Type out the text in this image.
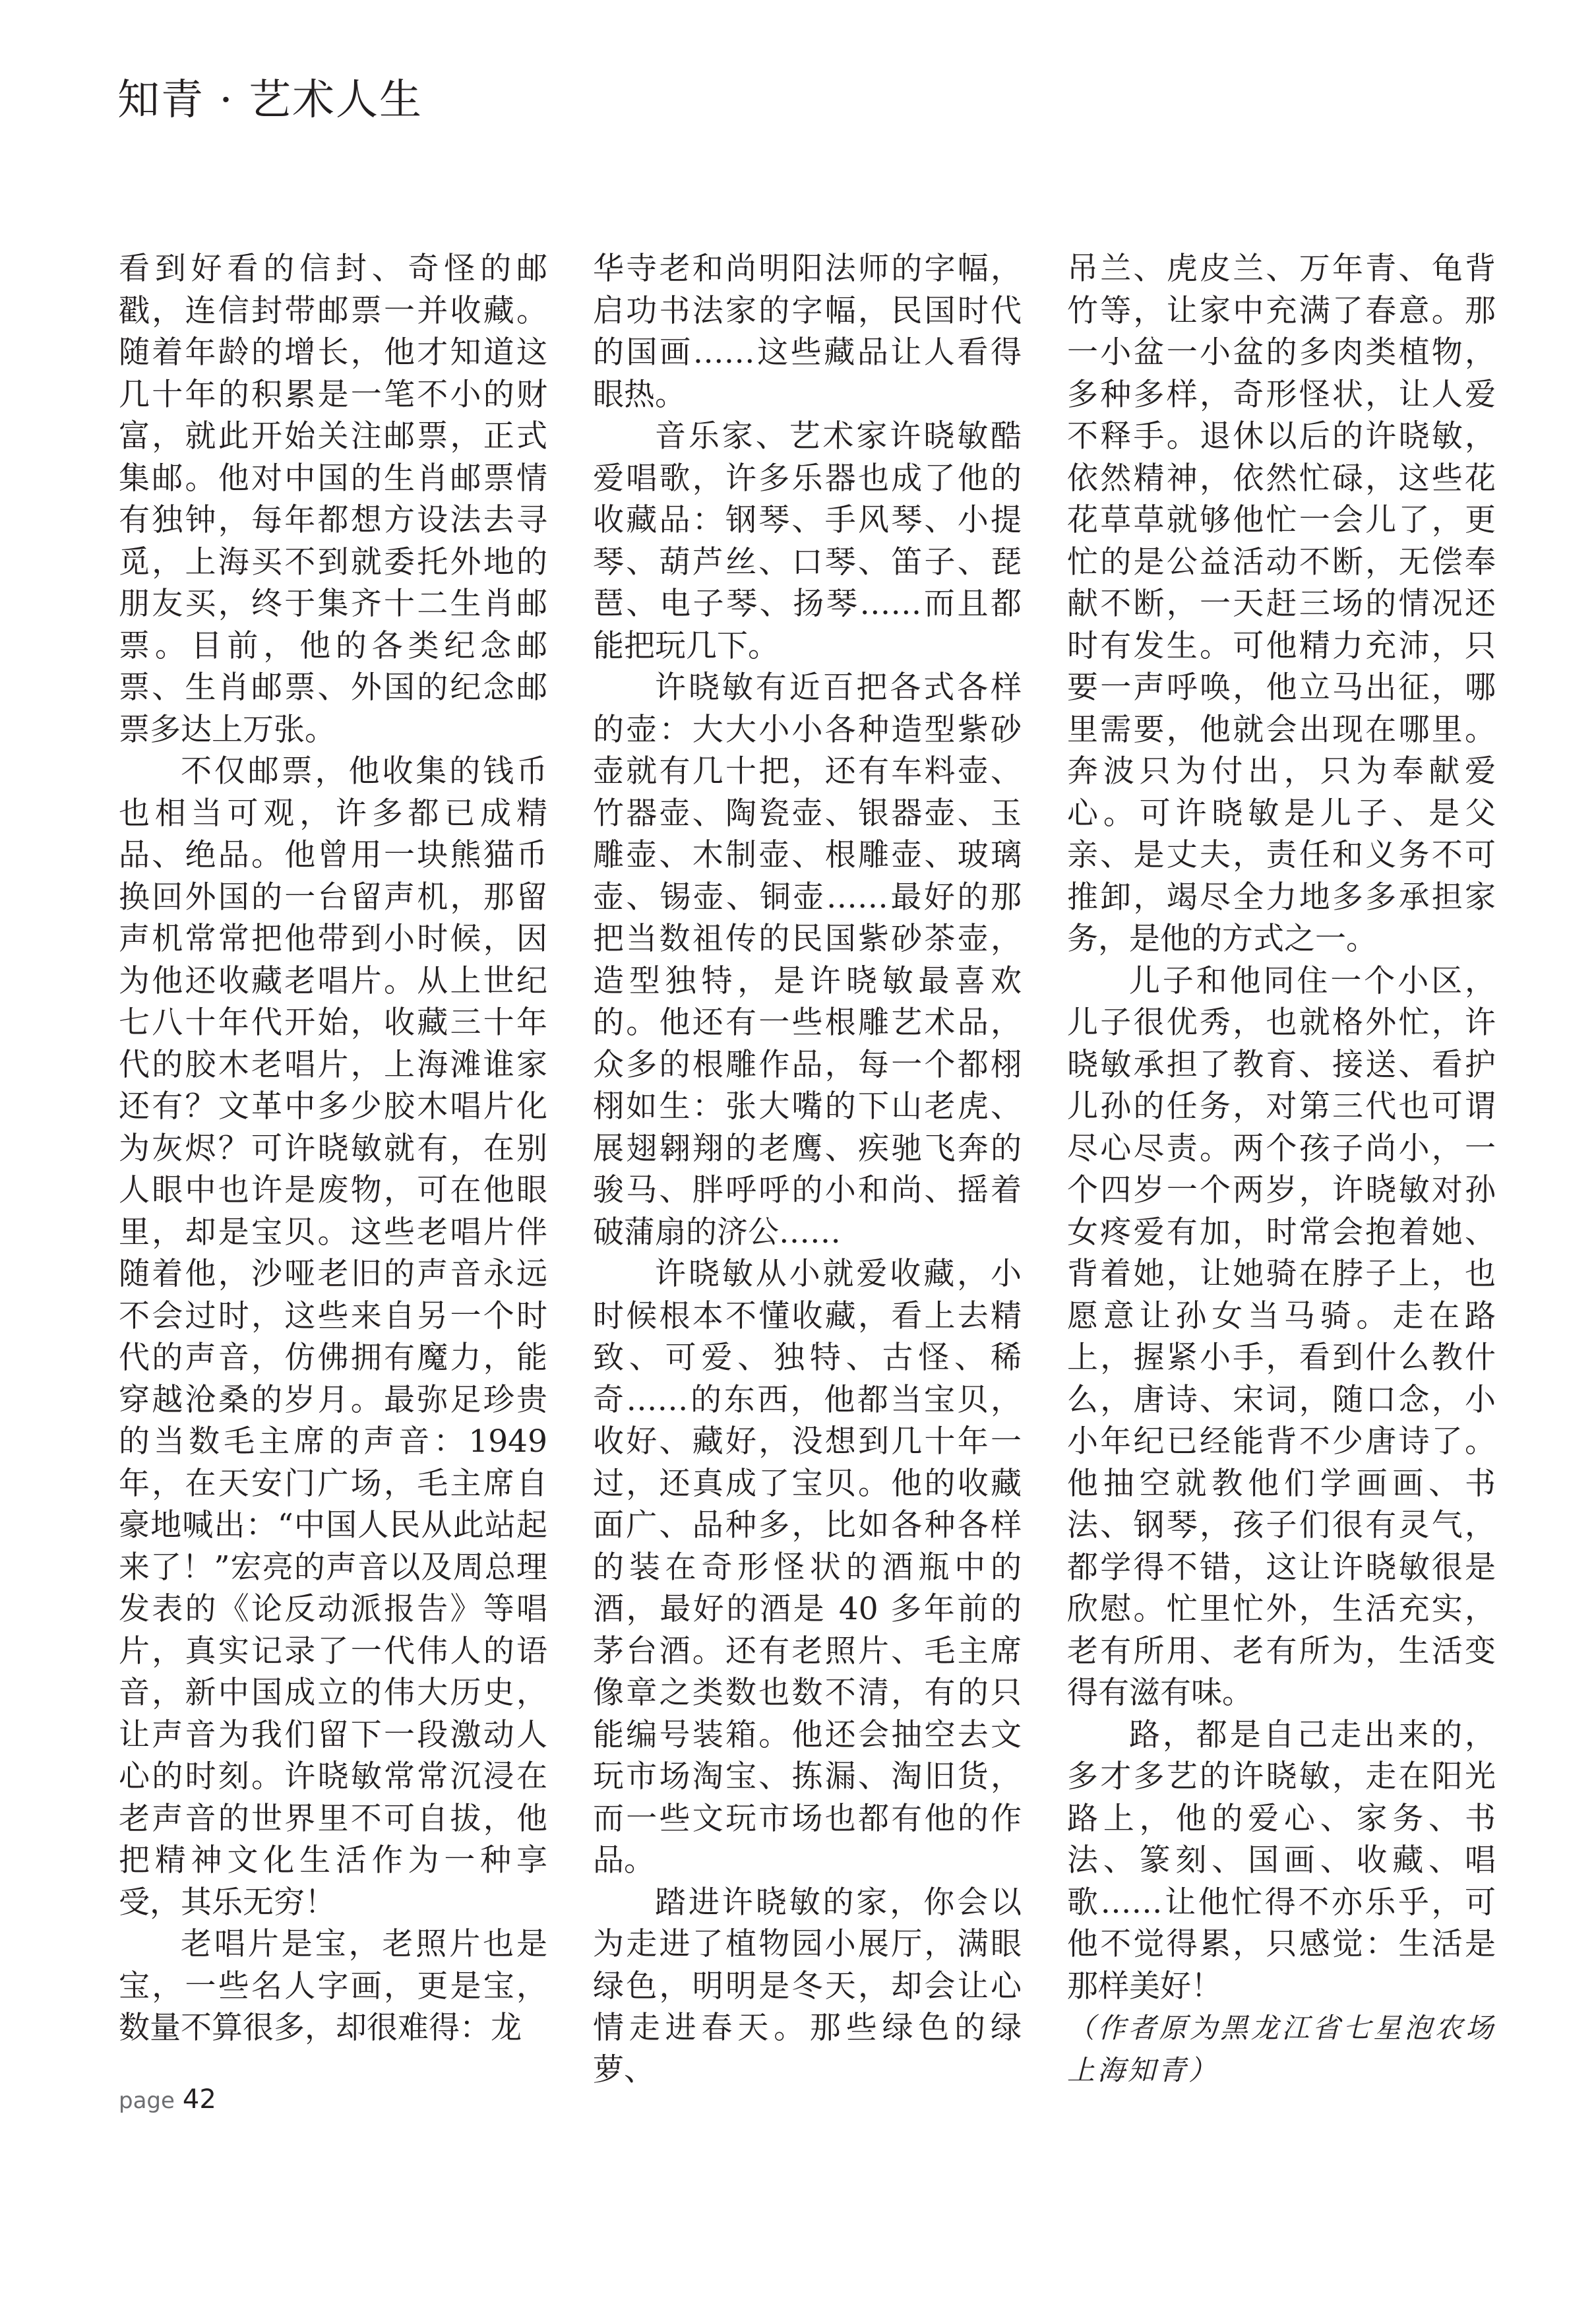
知青 · 艺术人生

看到好看的信封、奇怪的邮戳，连信封带邮票一并收藏。随着年龄的增长，他才知道这几十年的积累是一笔不小的财富，就此开始关注邮票，正式集邮。他对中国的生肖邮票情有独钟，每年都想方设法去寻觅，上海买不到就委托外地的朋友买，终于集齐十二生肖邮票。目前，他的各类纪念邮票、生肖邮票、外国的纪念邮票多达上万张。

不仅邮票，他收集的钱币也相当可观，许多都已成精品、绝品。他曾用一块熊猫币换回外国的一台留声机，那留声机常常把他带到小时候，因为他还收藏老唱片。从上世纪七八十年代开始，收藏三十年代的胶木老唱片，上海滩谁家还有？文革中多少胶木唱片化为灰烬？可许晓敏就有，在别人眼中也许是废物，可在他眼里，却是宝贝。这些老唱片伴随着他，沙哑老旧的声音永远不会过时，这些来自另一个时代的声音，仿佛拥有魔力，能穿越沧桑的岁月。最弥足珍贵的当数毛主席的声音：1949 年，在天安门广场，毛主席自豪地喊出：“中国人民从此站起来了！”宏亮的声音以及周总理发表的《论反动派报告》等唱片，真实记录了一代伟人的语音，新中国成立的伟大历史，让声音为我们留下一段激动人心的时刻。许晓敏常常沉浸在老声音的世界里不可自拔，他把精神文化生活作为一种享受，其乐无穷！

老唱片是宝，老照片也是宝，一些名人字画，更是宝，数量不算很多，却很难得：龙

华寺老和尚明阳法师的字幅，启功书法家的字幅，民国时代的国画……这些藏品让人看得眼热。

音乐家、艺术家许晓敏酷爱唱歌，许多乐器也成了他的收藏品：钢琴、手风琴、小提琴、葫芦丝、口琴、笛子、琵琶、电子琴、扬琴……而且都能把玩几下。

许晓敏有近百把各式各样的壶：大大小小各种造型紫砂壶就有几十把，还有车料壶、竹器壶、陶瓷壶、银器壶、玉雕壶、木制壶、根雕壶、玻璃壶、锡壶、铜壶……最好的那把当数祖传的民国紫砂茶壶，造型独特，是许晓敏最喜欢的。他还有一些根雕艺术品，众多的根雕作品，每一个都栩栩如生：张大嘴的下山老虎、展翅翱翔的老鹰、疾驰飞奔的骏马、胖呼呼的小和尚、摇着破蒲扇的济公……

许晓敏从小就爱收藏，小时候根本不懂收藏，看上去精致、可爱、独特、古怪、稀奇……的东西，他都当宝贝，收好、藏好，没想到几十年一过，还真成了宝贝。他的收藏面广、品种多，比如各种各样的装在奇形怪状的酒瓶中的酒，最好的酒是 40 多年前的茅台酒。还有老照片、毛主席像章之类数也数不清，有的只能编号装箱。他还会抽空去文玩市场淘宝、拣漏、淘旧货，而一些文玩市场也都有他的作品。

踏进许晓敏的家，你会以为走进了植物园小展厅，满眼绿色，明明是冬天，却会让心情走进春天。那些绿色的绿萝、

吊兰、虎皮兰、万年青、龟背竹等，让家中充满了春意。那一小盆一小盆的多肉类植物，多种多样，奇形怪状，让人爱不释手。退休以后的许晓敏，依然精神，依然忙碌，这些花花草草就够他忙一会儿了，更忙的是公益活动不断，无偿奉献不断，一天赶三场的情况还时有发生。可他精力充沛，只要一声呼唤，他立马出征，哪里需要，他就会出现在哪里。奔波只为付出，只为奉献爱心。可许晓敏是儿子、是父亲、是丈夫，责任和义务不可推卸，竭尽全力地多多承担家务，是他的方式之一。

儿子和他同住一个小区，儿子很优秀，也就格外忙，许晓敏承担了教育、接送、看护儿孙的任务，对第三代也可谓尽心尽责。两个孩子尚小，一个四岁一个两岁，许晓敏对孙女疼爱有加，时常会抱着她、背着她，让她骑在脖子上，也愿意让孙女当马骑。走在路上，握紧小手，看到什么教什么，唐诗、宋词，随口念，小小年纪已经能背不少唐诗了。他抽空就教他们学画画、书法、钢琴，孩子们很有灵气，都学得不错，这让许晓敏很是欣慰。忙里忙外，生活充实，老有所用、老有所为，生活变得有滋有味。

路，都是自己走出来的，多才多艺的许晓敏，走在阳光路上，他的爱心、家务、书法、篆刻、国画、收藏、唱歌……让他忙得不亦乐乎，可他不觉得累，只感觉：生活是那样美好！

（作者原为黑龙江省七星泡农场上海知青）

page 42
